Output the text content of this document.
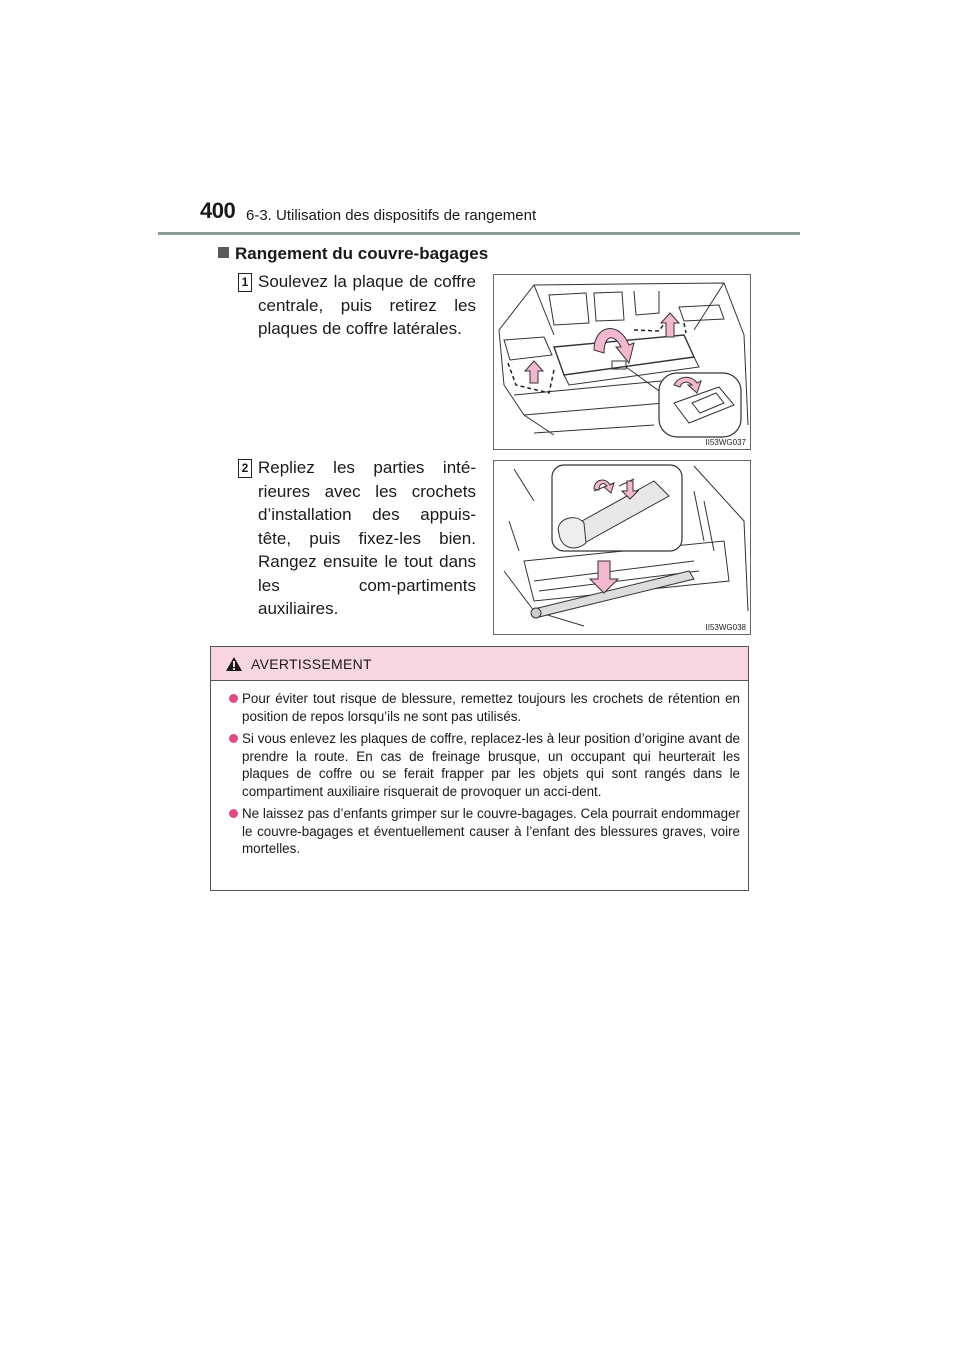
400 6-3. Utilisation des dispositifs de rangement
Rangement du couvre-bagages
1 Soulevez la plaque de coffre centrale, puis retirez les plaques de coffre latérales.
II53WG037
2 Repliez les parties inté-rieures avec les crochets d’installation des appuis-tête, puis fixez-les bien. Rangez ensuite le tout dans les com-partiments auxiliaires.
II53WG038
AVERTISSEMENT
Pour éviter tout risque de blessure, remettez toujours les crochets de rétention en position de repos lorsqu’ils ne sont pas utilisés.
Si vous enlevez les plaques de coffre, replacez-les à leur position d’origine avant de prendre la route. En cas de freinage brusque, un occupant qui heurterait les plaques de coffre ou se ferait frapper par les objets qui sont rangés dans le compartiment auxiliaire risquerait de provoquer un acci-dent.
Ne laissez pas d’enfants grimper sur le couvre-bagages. Cela pourrait endommager le couvre-bagages et éventuellement causer à l’enfant des blessures graves, voire mortelles.
